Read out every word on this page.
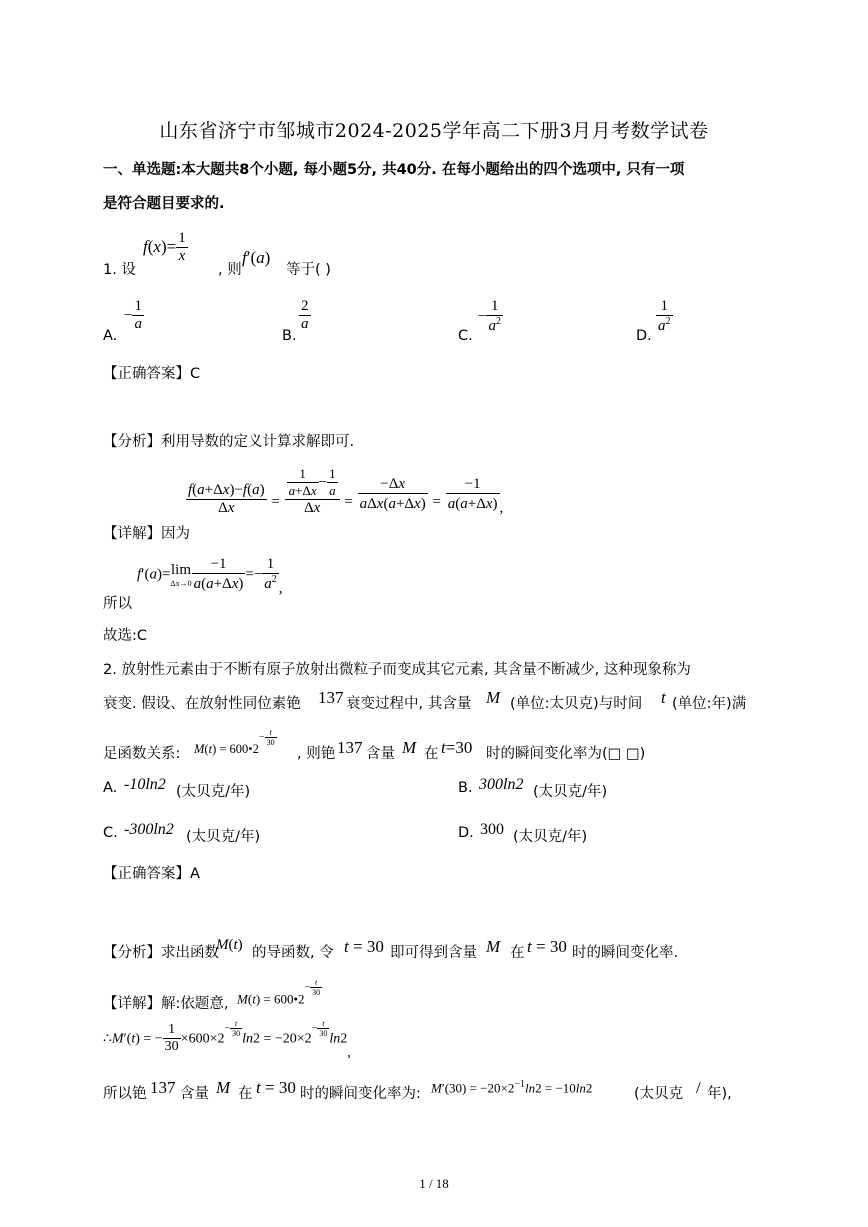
山东省济宁市邹城市2024-2025学年高二下册3月月考数学试卷
一、单选题:本大题共8个小题, 每小题5分, 共40分. 在每小题给出的四个选项中, 只有一项
是符合题目要求的.
1. 设
$f(x)= \frac{1}{x}$
, 则
f′(a)
等于( )
A.
− $\frac{1}{a}$
B.
$\frac{2}{a}$
C.
− $\frac{1}{a^2}$
D.
$\frac{1}{a^2}$
【正确答案】C
【分析】利用导数的定义计算求解即可.
【详解】因为
$\frac{f(a+\Delta x)-f(a)}{\Delta x} = \frac{\frac{1}{a+\Delta x} - \frac{1}{a}}{\Delta x} = \frac{-\Delta x}{\text{aΔx(a+Δx)}} = \frac{-1}{a(a+\Delta x)}$ ,
所以
f′(a)= lim
$\Delta x\to 0 \frac{-1}{a(a+\Delta x)} =- \frac{1}{a^2}$ ,
故选:C
2. 放射性元素由于不断有原子放射出微粒子而变成其它元素, 其含量不断减少, 这种现象称为
衰变. 假设、在放射性同位素铯 137 衰变过程中, 其含量 M (单位:太贝克)与时间 t (单位:年)满
足函数关系: $M(t) = 600•2^{- \frac{t}{30}}$
, 则铯 137 含量 M 在 t=30 时的瞬间变化率为(□ □)
A. -10ln2 (太贝克/年)	B. 300ln2 (太贝克/年)
C. -300ln2 (太贝克/年)	D. 300 (太贝克/年)
【正确答案】A
【分析】求出函数
M(t) 的导函数, 令 t = 30 即可得到含量 M 在 t = 30 时的瞬间变化率.
【详解】解:依题意, $M(t) = 600•2^{- \frac{t}{30}}$
∴M′(t) = − $\frac{1}{30} \times 600\times 2^{- \frac{t}{30}}$
$\ln 2 = -20\times 2^{- \frac{t}{30}}$
ln2,
所以铯 137 含量 M 在 t = 30 时的瞬间变化率为: $M'(30) = -20\times 2^{-1}\ln 2 = -10\ln 2$	(太贝克 / 年),
1 / 18
